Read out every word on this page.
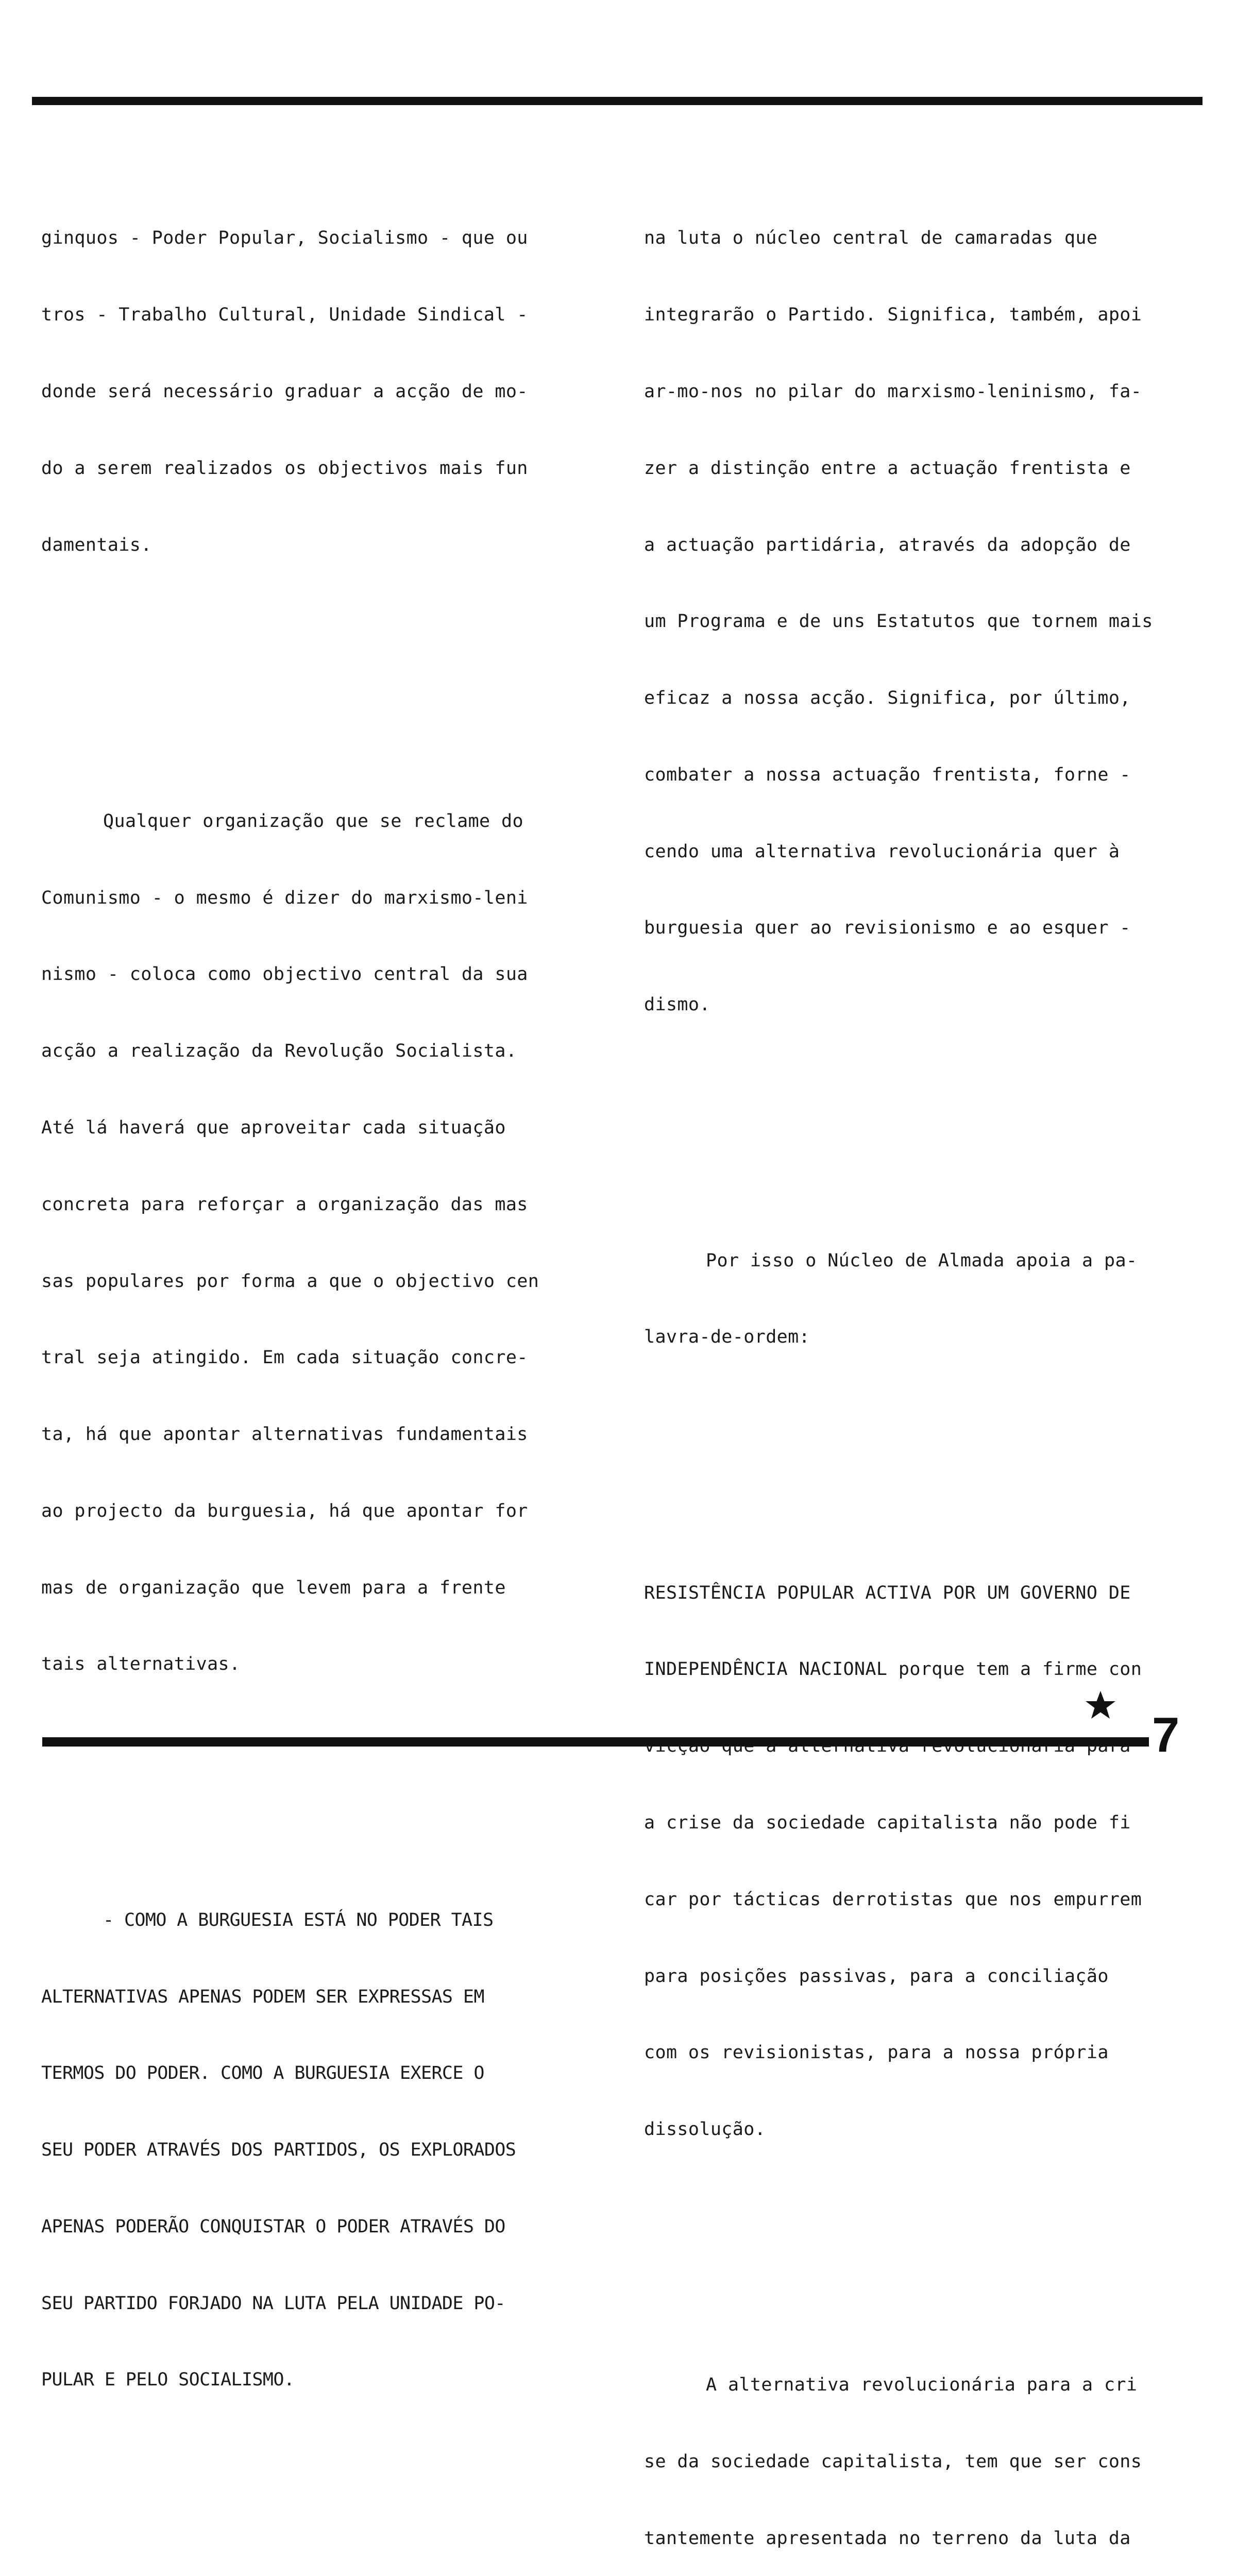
ginquos - Poder Popular, Socialismo - que ou

tros - Trabalho Cultural, Unidade Sindical -

donde será necessário graduar a acção de mo-

do a serem realizados os objectivos mais fun

damentais.

Qualquer organização que se reclame do

Comunismo - o mesmo é dizer do marxismo-leni

nismo - coloca como objectivo central da sua

acção a realização da Revolução Socialista.

Até lá haverá que aproveitar cada situação

concreta para reforçar a organização das mas

sas populares por forma a que o objectivo cen

tral seja atingido. Em cada situação concre-

ta, há que apontar alternativas fundamentais

ao projecto da burguesia, há que apontar for

mas de organização que levem para a frente

tais alternativas.

- COMO A BURGUESIA ESTÁ NO PODER TAIS

ALTERNATIVAS APENAS PODEM SER EXPRESSAS EM

TERMOS DO PODER. COMO A BURGUESIA EXERCE O

SEU PODER ATRAVÉS DOS PARTIDOS, OS EXPLORADOS

APENAS PODERÃO CONQUISTAR O PODER ATRAVÉS DO

SEU PARTIDO FORJADO NA LUTA PELA UNIDADE PO-

PULAR E PELO SOCIALISMO.

na luta o núcleo central de camaradas que

integrarão o Partido. Significa, também, apoi

ar-mo-nos no pilar do marxismo-leninismo, fa-

zer a distinção entre a actuação frentista e

a actuação partidária, através da adopção de

um Programa e de uns Estatutos que tornem mais

eficaz a nossa acção. Significa, por último,

combater a nossa actuação frentista, forne -

cendo uma alternativa revolucionária quer à

burguesia quer ao revisionismo e ao esquer -

dismo.

Por isso o Núcleo de Almada apoia a pa-

lavra-de-ordem:

RESISTÊNCIA POPULAR ACTIVA POR UM GOVERNO DE

INDEPENDÊNCIA NACIONAL porque tem a firme con

a crise da sociedade capitalista não pode fi

car por tácticas derrotistas que nos empurrem

para posições passivas, para a conciliação

com os revisionistas, para a nossa própria

dissolução.

A alternativa revolucionária para a cri

se da sociedade capitalista, tem que ser cons

tantemente apresentada no terreno da luta da

7
